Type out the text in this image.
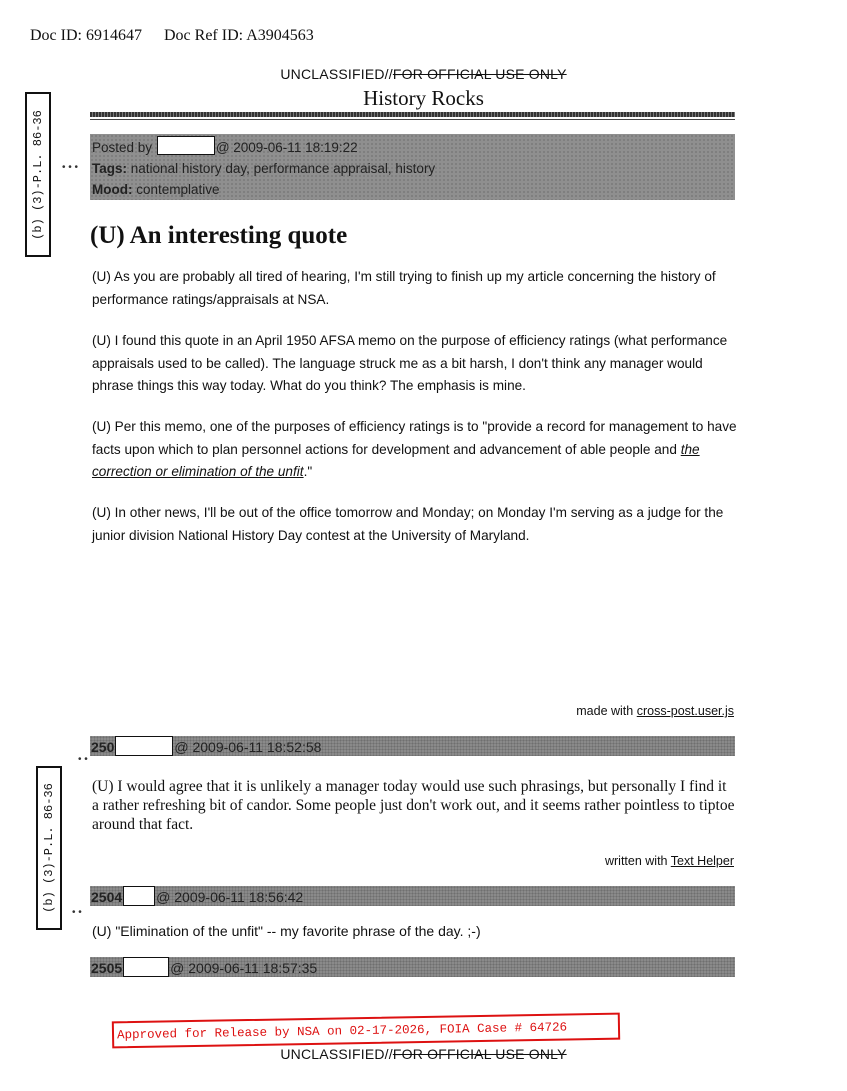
Doc ID: 6914647 Doc Ref ID: A3904563
UNCLASSIFIED//FOR OFFICIAL USE ONLY
History Rocks
(b) (3)-P.L. 86-36 • • •
Posted by	@ 2009-06-11 18:19:22
Tags: national history day, performance appraisal, history
Mood: contemplative
(U) An interesting quote
(U) As you are probably all tired of hearing, I'm still trying to finish up my article concerning the history of performance ratings/appraisals at NSA.
(U) I found this quote in an April 1950 AFSA memo on the purpose of efficiency ratings (what performance appraisals used to be called). The language struck me as a bit harsh, I don't think any manager would phrase things this way today. What do you think? The emphasis is mine.
(U) Per this memo, one of the purposes of efficiency ratings is to "provide a record for management to have facts upon which to plan personnel actions for development and advancement of able people and the correction or elimination of the unfit."
(U) In other news, I'll be out of the office tomorrow and Monday; on Monday I'm serving as a judge for the junior division National History Day contest at the University of Maryland.
made with cross-post.user.js
250	@ 2009-06-11 18:52:58
• •
(b) (3)-P.L. 86-36 (U) I would agree that it is unlikely a manager today would use such phrasings, but personally I find it a rather refreshing bit of candor. Some people just don't work out, and it seems rather pointless to tiptoe around that fact.
written with Text Helper
2504 @ 2009-06-11 18:56:42
• •
(U) "Elimination of the unfit" -- my favorite phrase of the day. ;-)
2505	@ 2009-06-11 18:57:35
Approved for Release by NSA on 02-17-2026, FOIA Case # 64726
UNCLASSIFIED//FOR OFFICIAL USE ONLY
